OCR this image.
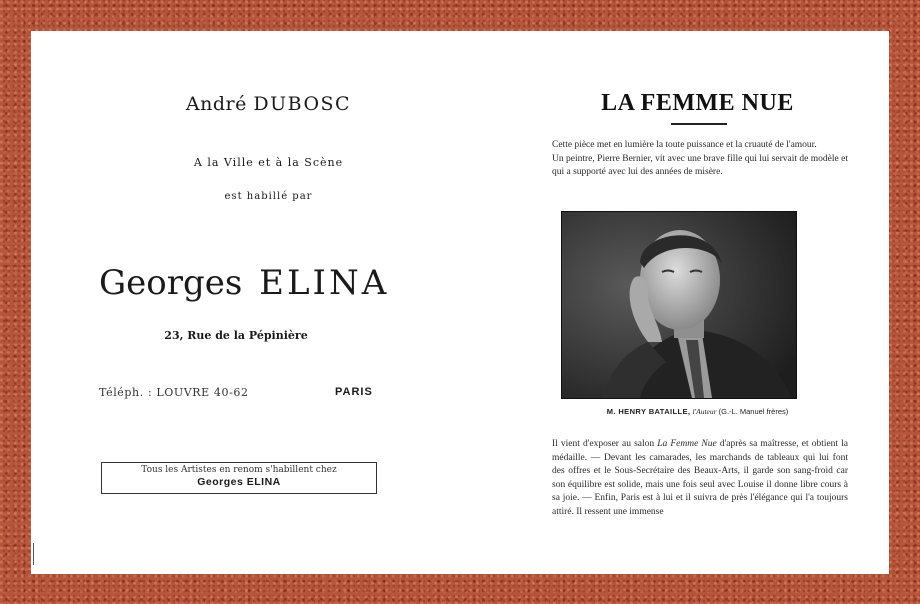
André DUBOSC
A la Ville et à la Scène
est habillé par
Georges ELINA
23, Rue de la Pépinière
Téléph. : LOUVRE 40-62	PARIS
Tous les Artistes en renom s'habillent chez
Georges ELINA
LA FEMME NUE
Cette pièce met en lumière la toute puissance et la cruauté de l'amour.
Un peintre, Pierre Bernier, vit avec une brave fille qui lui servait de modèle et qui a supporté avec lui des années de misère.
M. HENRY BATAILLE, l'Auteur (G.-L. Manuel frères)
Il vient d'exposer au salon La Femme Nue d'après sa maîtresse, et obtient la médaille. — Devant les camarades, les marchands de tableaux qui lui font des offres et le Sous-Secrétaire des Beaux-Arts, il garde son sang-froid car son équilibre est solide, mais une fois seul avec Louise il donne libre cours à sa joie. — Enfin, Paris est à lui et il suivra de près l'élégance qui l'a toujours attiré. Il ressent une immense
